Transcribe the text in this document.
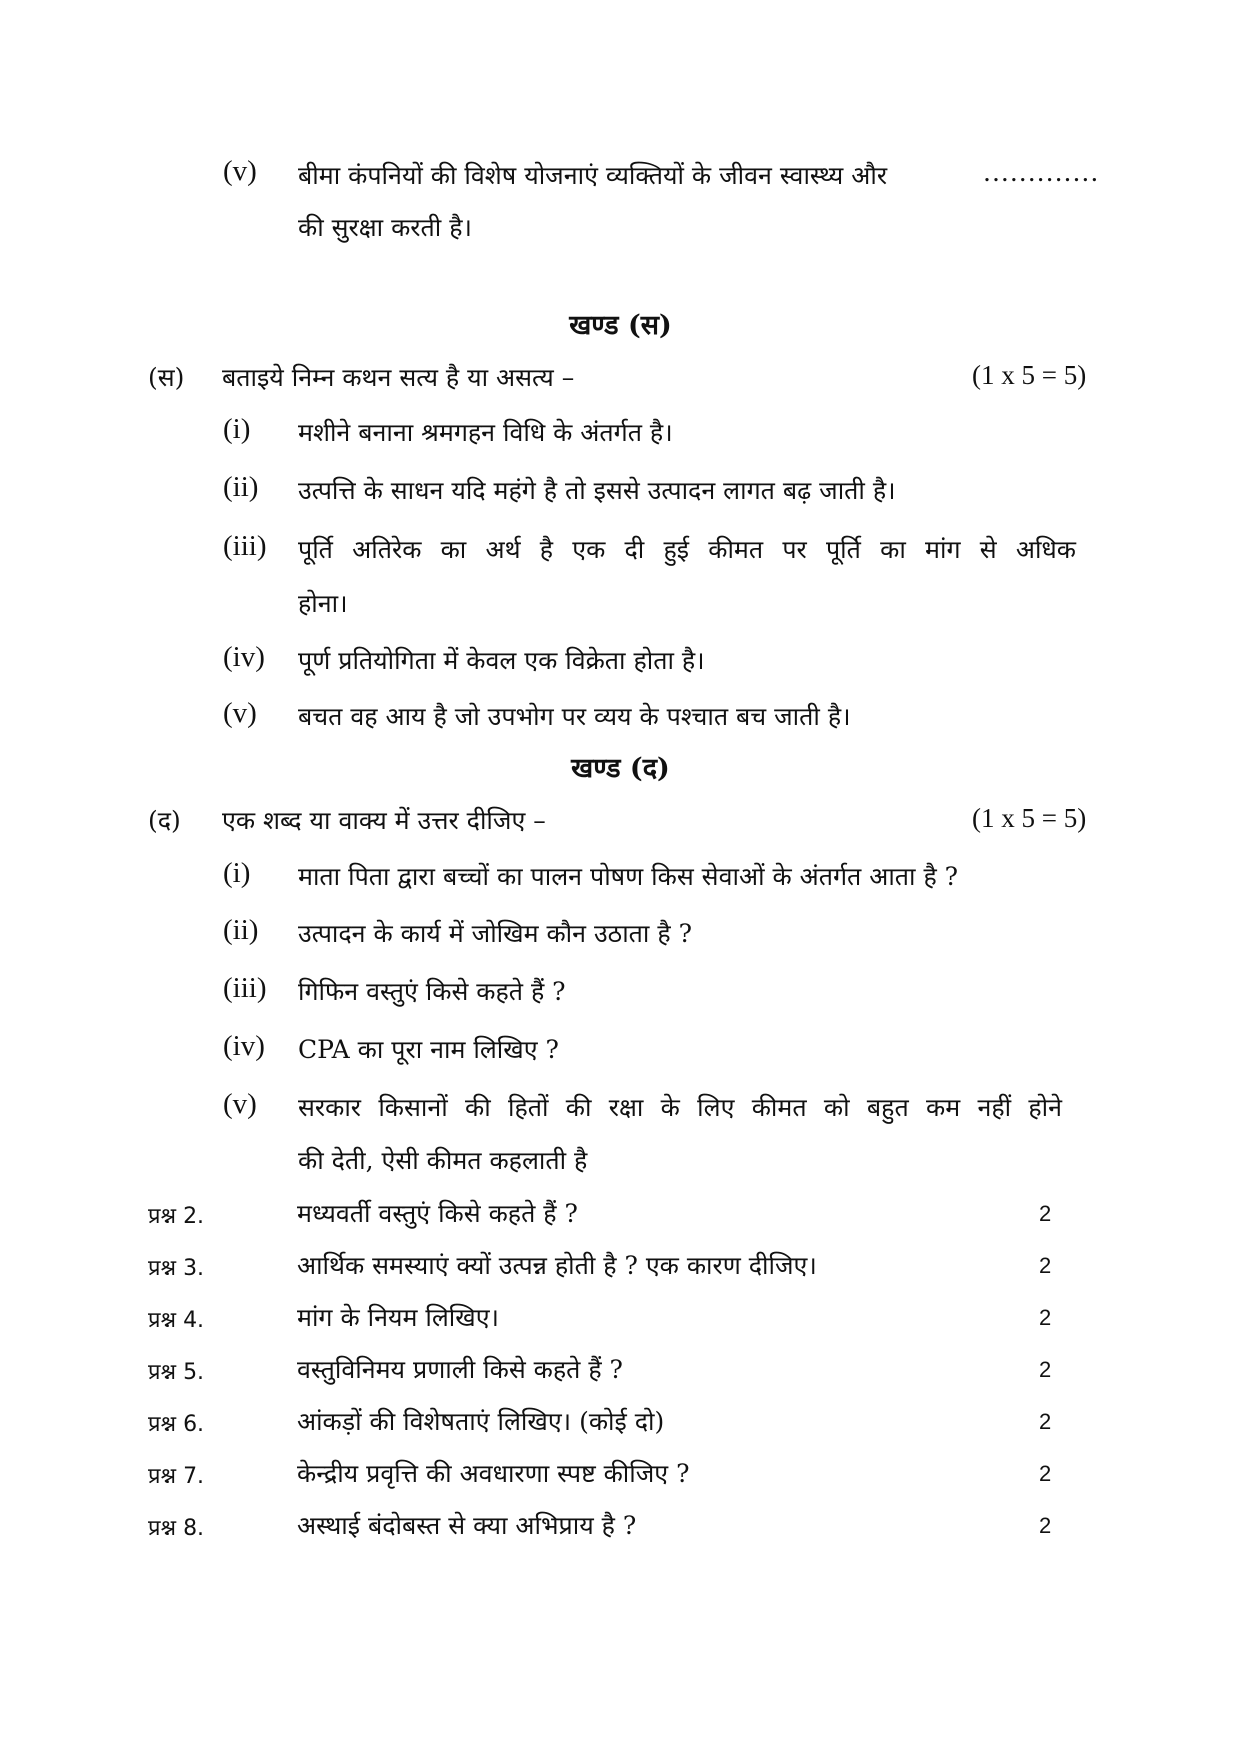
(v) बीमा कंपनियों की विशेष योजनाएं व्यक्तियों के जीवन स्वास्थ्य और	.............
की सुरक्षा करती है।
खण्ड (स)
(स) बताइये निम्न कथन सत्य है या असत्य –	(1 x 5 = 5)
(i) मशीने बनाना श्रमगहन विधि के अंतर्गत है।
(ii) उत्पत्ति के साधन यदि महंगे है तो इससे उत्पादन लागत बढ़ जाती है।
(iii) पूर्ति अतिरेक का अर्थ है एक दी हुई कीमत पर पूर्ति का मांग से अधिक
होना।
(iv) पूर्ण प्रतियोगिता में केवल एक विक्रेता होता है।
(v) बचत वह आय है जो उपभोग पर व्यय के पश्चात बच जाती है।
खण्ड (द)
(द) एक शब्द या वाक्य में उत्तर दीजिए –	(1 x 5 = 5)
(i) माता पिता द्वारा बच्चों का पालन पोषण किस सेवाओं के अंतर्गत आता है ?
(ii) उत्पादन के कार्य में जोखिम कौन उठाता है ?
(iii) गिफिन वस्तुएं किसे कहते हैं ?
(iv) CPA का पूरा नाम लिखिए ?
(v) सरकार किसानों की हितों की रक्षा के लिए कीमत को बहुत कम नहीं होने
की देती, ऐसी कीमत कहलाती है
प्रश्न 2.	मध्यवर्ती वस्तुएं किसे कहते हैं ?	2
प्रश्न 3.	आर्थिक समस्याएं क्यों उत्पन्न होती है ? एक कारण दीजिए।	2
प्रश्न 4.	मांग के नियम लिखिए।	2
प्रश्न 5.	वस्तुविनिमय प्रणाली किसे कहते हैं ?	2
प्रश्न 6.	आंकड़ों की विशेषताएं लिखिए। (कोई दो)	2
प्रश्न 7.	केन्द्रीय प्रवृत्ति की अवधारणा स्पष्ट कीजिए ?	2
प्रश्न 8.	अस्थाई बंदोबस्त से क्या अभिप्राय है ?	2
